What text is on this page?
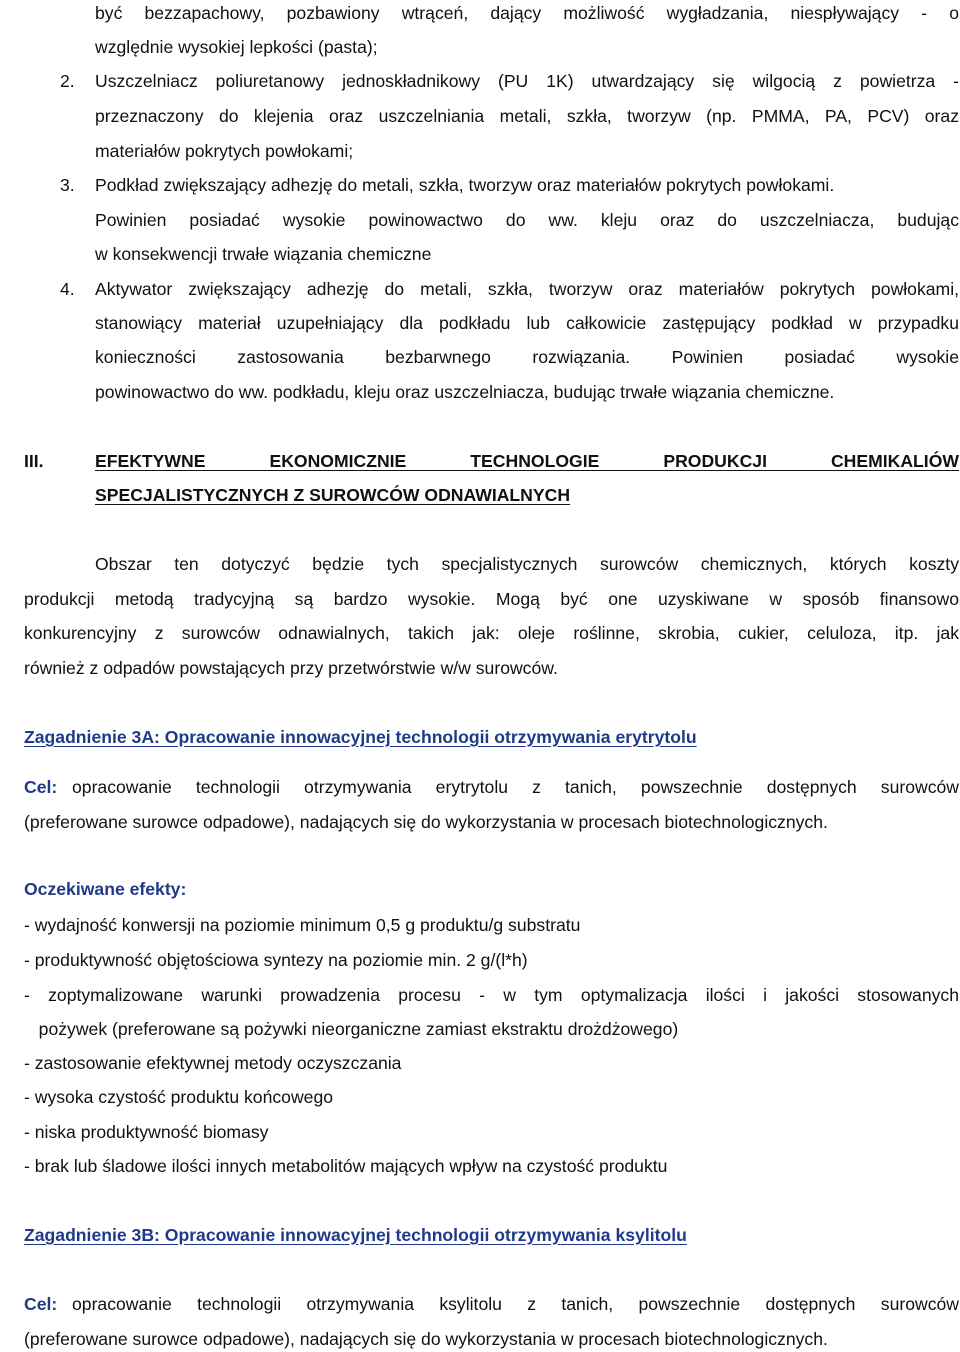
być bezzapachowy, pozbawiony wtrąceń, dający możliwość wygładzania, niespływający - o
względnie wysokiej lepkości (pasta);
2. Uszczelniacz poliuretanowy jednoskładnikowy (PU 1K) utwardzający się wilgocią z powietrza -
przeznaczony do klejenia oraz uszczelniania metali, szkła, tworzyw (np. PMMA, PA, PCV) oraz
materiałów pokrytych powłokami;
3. Podkład zwiększający adhezję do metali, szkła, tworzyw oraz materiałów pokrytych powłokami.
Powinien posiadać wysokie powinowactwo do ww. kleju oraz do uszczelniacza, budując
w konsekwencji trwałe wiązania chemiczne
4. Aktywator zwiększający adhezję do metali, szkła, tworzyw oraz materiałów pokrytych powłokami,
stanowiący materiał uzupełniający dla podkładu lub całkowicie zastępujący podkład w przypadku
konieczności zastosowania bezbarwnego rozwiązania. Powinien posiadać wysokie
powinowactwo do ww. podkładu, kleju oraz uszczelniacza, budując trwałe wiązania chemiczne.
III.	EFEKTYWNE EKONOMICZNIE TECHNOLOGIE PRODUKCJI CHEMIKALIÓW
SPECJALISTYCZNYCH Z SUROWCÓW ODNAWIALNYCH
Obszar ten dotyczyć będzie tych specjalistycznych surowców chemicznych, których koszty
produkcji metodą tradycyjną są bardzo wysokie. Mogą być one uzyskiwane w sposób finansowo
konkurencyjny z surowców odnawialnych, takich jak: oleje roślinne, skrobia, cukier, celuloza, itp. jak
również z odpadów powstających przy przetwórstwie w/w surowców.
Zagadnienie 3A: Opracowanie innowacyjnej technologii otrzymywania erytrytolu
Cel: opracowanie technologii otrzymywania erytrytolu z tanich, powszechnie dostępnych surowców
(preferowane surowce odpadowe), nadających się do wykorzystania w procesach biotechnologicznych.
Oczekiwane efekty:
- wydajność konwersji na poziomie minimum 0,5 g produktu/g substratu
- produktywność objętościowa syntezy na poziomie min. 2 g/(l*h)
- zoptymalizowane warunki prowadzenia procesu - w tym optymalizacja ilości i jakości stosowanych
pożywek (preferowane są pożywki nieorganiczne zamiast ekstraktu drożdżowego)
- zastosowanie efektywnej metody oczyszczania
- wysoka czystość produktu końcowego
- niska produktywność biomasy
- brak lub śladowe ilości innych metabolitów mających wpływ na czystość produktu
Zagadnienie 3B: Opracowanie innowacyjnej technologii otrzymywania ksylitolu
Cel: opracowanie technologii otrzymywania ksylitolu z tanich, powszechnie dostępnych surowców
(preferowane surowce odpadowe), nadających się do wykorzystania w procesach biotechnologicznych.
